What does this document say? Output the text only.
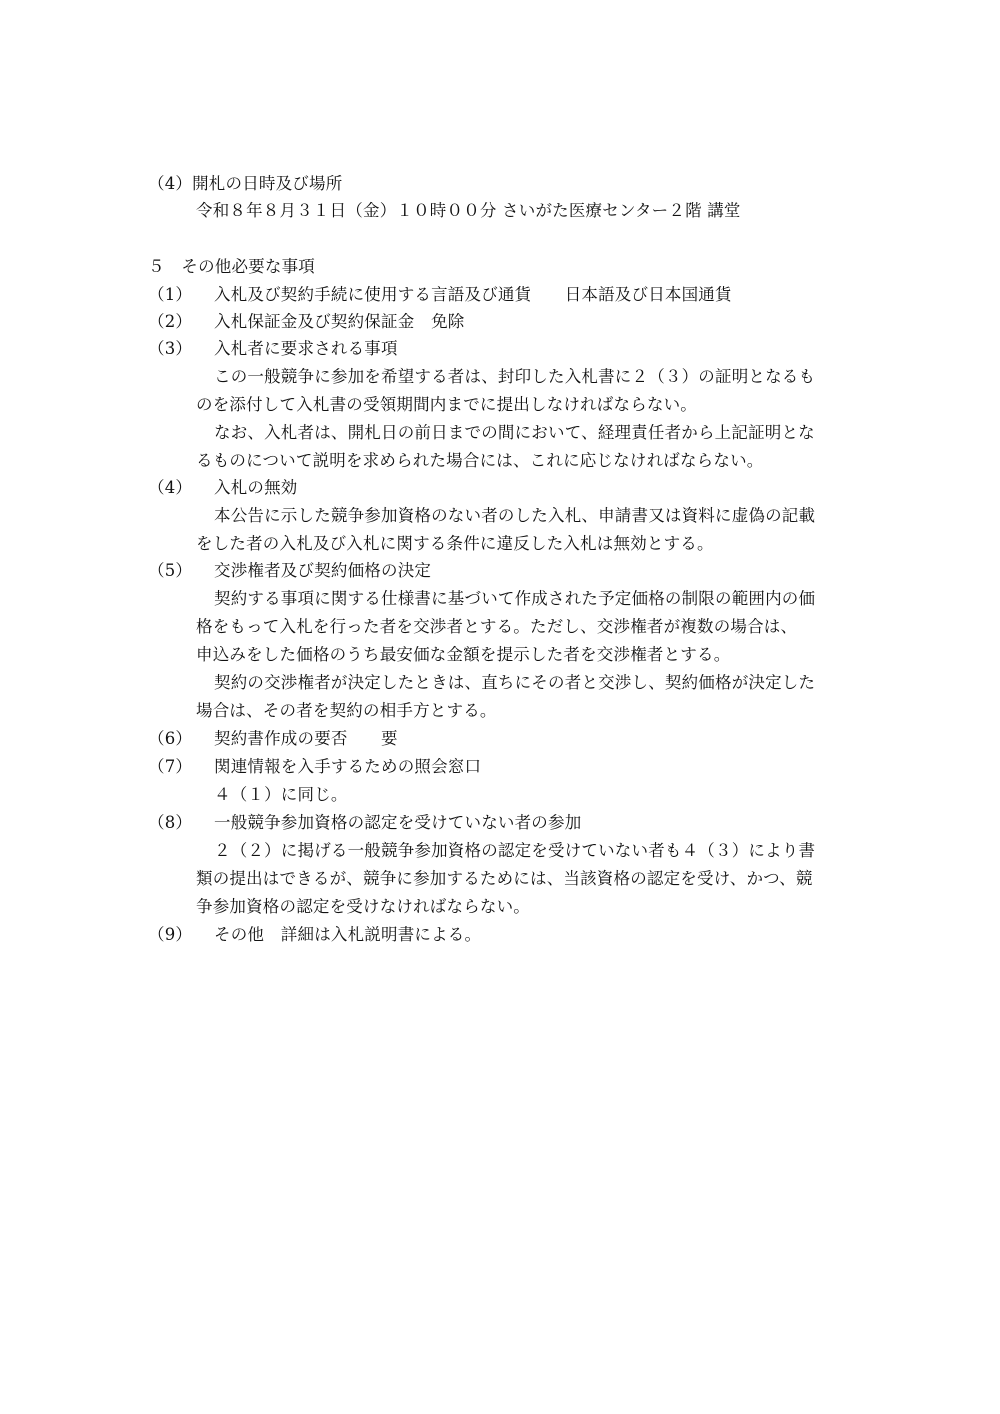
（4）開札の日時及び場所
令和８年８月３１日（金）１０時００分 さいがた医療センター２階 講堂
５　その他必要な事項
（1） 入札及び契約手続に使用する言語及び通貨　　日本語及び日本国通貨
（2） 入札保証金及び契約保証金　免除
（3） 入札者に要求される事項
この一般競争に参加を希望する者は、封印した入札書に２（３）の証明となるも
のを添付して入札書の受領期間内までに提出しなければならない。
なお、入札者は、開札日の前日までの間において、経理責任者から上記証明とな
るものについて説明を求められた場合には、これに応じなければならない。
（4） 入札の無効
本公告に示した競争参加資格のない者のした入札、申請書又は資料に虚偽の記載
をした者の入札及び入札に関する条件に違反した入札は無効とする。
（5） 交渉権者及び契約価格の決定
契約する事項に関する仕様書に基づいて作成された予定価格の制限の範囲内の価
格をもって入札を行った者を交渉者とする。ただし、交渉権者が複数の場合は、
申込みをした価格のうち最安価な金額を提示した者を交渉権者とする。
契約の交渉権者が決定したときは、直ちにその者と交渉し、契約価格が決定した
場合は、その者を契約の相手方とする。
（6） 契約書作成の要否　　要
（7） 関連情報を入手するための照会窓口
４（１）に同じ。
（8） 一般競争参加資格の認定を受けていない者の参加
２（２）に掲げる一般競争参加資格の認定を受けていない者も４（３）により書
類の提出はできるが、競争に参加するためには、当該資格の認定を受け、かつ、競
争参加資格の認定を受けなければならない。
（9） その他　詳細は入札説明書による。
